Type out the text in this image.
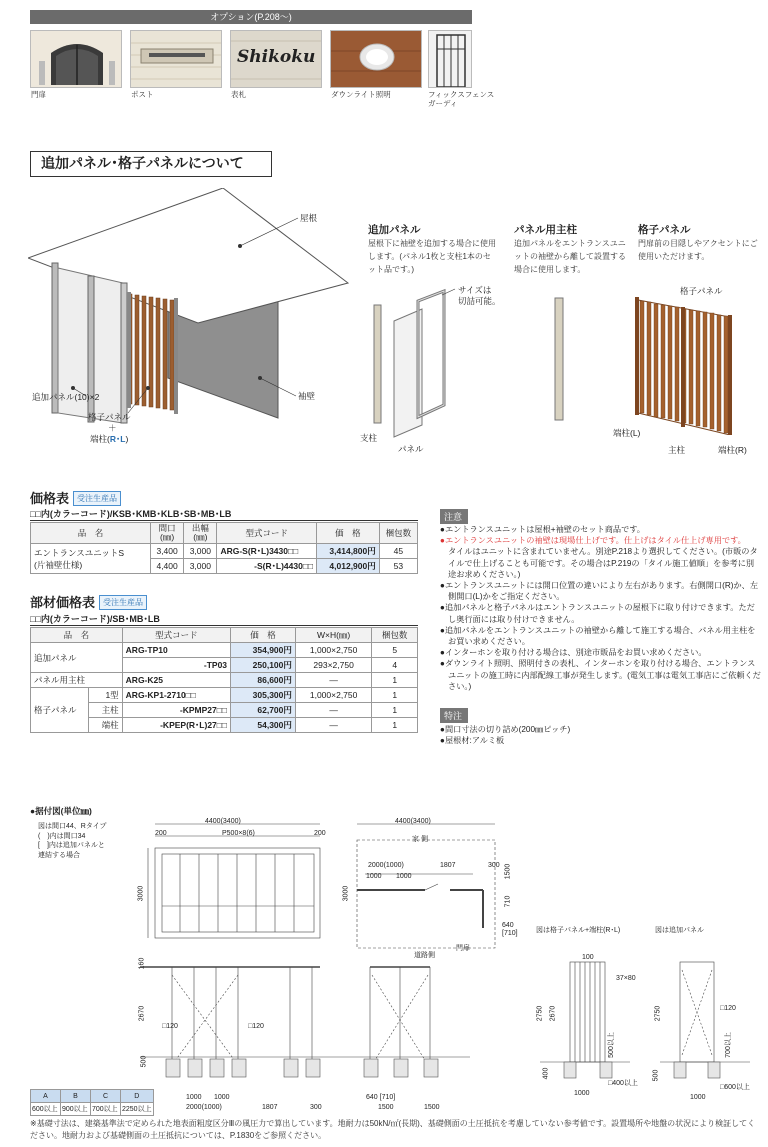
オプション(P.208～)
門扉	ポスト
Shikoku
表札	ダウンライト照明	フィックスフェンス
ガーディ
追加パネル･格子パネルについて
屋根
袖壁
追加パネル(10)×2
格子パネル
＋
端柱(R･L)
追加パネル
屋根下に袖壁を追加する場合に使用します。(パネル1枚と支柱1本のセット品です。)
パネル用主柱
追加パネルをエントランスユニットの袖壁から離して設置する場合に使用します。
格子パネル
門扉前の目隠しやアクセントにご使用いただけます。
サイズは
切詰可能。
支柱
パネル
格子パネル
端柱(L)
主柱	端柱(R)
価格表 受注生産品
□□内(カラーコード)/KSB･KMB･KLB･SB･MB･LB
品　名	間口
(㎜)	出幅
(㎜)	型式コード	価　格	梱包数
エントランスユニットS
(片袖壁仕様)	3,400	3,000	ARG-S(R･L)3430□□	3,414,800円	45
	4,400	3,000	-S(R･L)4430□□	4,012,900円	53
部材価格表 受注生産品
□□内(カラーコード)/SB･MB･LB
品　名		型式コード	価　格	W×H(㎜)	梱包数
追加パネル		ARG-TP10	354,900円	1,000×2,750	5
		-TP03	250,100円	293×2,750	4
パネル用主柱		ARG-K25	86,600円	—	1
格子パネル	1型	ARG-KP1-2710□□	305,300円	1,000×2,750	1
	主柱	-KPMP27□□	62,700円	—	1
	端柱	-KPEP(R･L)27□□	54,300円	—	1
注意
●エントランスユニットは屋根+袖壁のセット商品です。
●エントランスユニットの袖壁は現場仕上げです。仕上げはタイル仕上げ専用です。
タイルはユニットに含まれていません。別途P.218より選択してください。(市販のタイルで仕上げることも可能です。その場合はP.219の「タイル施工値順」を参考に別途お求めください。)
●エントランスユニットには開口位置の違いにより左右があります。右側開口(R)か、左側開口(L)かをご指定ください。
●追加パネルと格子パネルはエントランスユニットの屋根下に取り付けできます。ただし奥行面には取り付けできません。
●追加パネルをエントランスユニットの袖壁から離して施工する場合、パネル用主柱をお買い求めください。
●インターホンを取り付ける場合は、別途市販品をお買い求めください。
●ダウンライト照明、照明付きの表札、インターホンを取り付ける場合、エントランスユニットの施工時に内部配線工事が発生します。(電気工事は電気工事店にご依頼ください。)
特注
●間口寸法の切り詰め(200㎜ピッチ)
●屋根材:アルミ板
●据付図(単位㎜)
図は間口44、Rタイプ
(　)内は間口34
[　]内は追加パネルと
連結する場合
4400(3400)
200	P500×8(6)	200
3000
4400(3400)
家 側
2000(1000)	1807	300
1000 1000	1500
710
640
[710]
3000
門扉
道路側
160
2670
□120	□120
500
1000 1000
2000(1000)	1807	300
640 [710]
1500	1500
図は格子パネル+端柱(R･L)	図は追加パネル
100
37×80
2750 2670
500以上
400
□400以上
1000
2750	□120
700以上
500
□600以上
1000
A	B	C	D
600以上	900以上	700以上	2250以上
※基礎寸法は、建築基準法で定められた地表面粗度区分Ⅲの風圧力で算出しています。地耐力は50kN/㎡(長期)、基礎側面の土圧抵抗を考慮していない参考値です。設置場所や地盤の状況により検証してください。地耐力および基礎側面の土圧抵抗については、P.1830をご参照ください。
